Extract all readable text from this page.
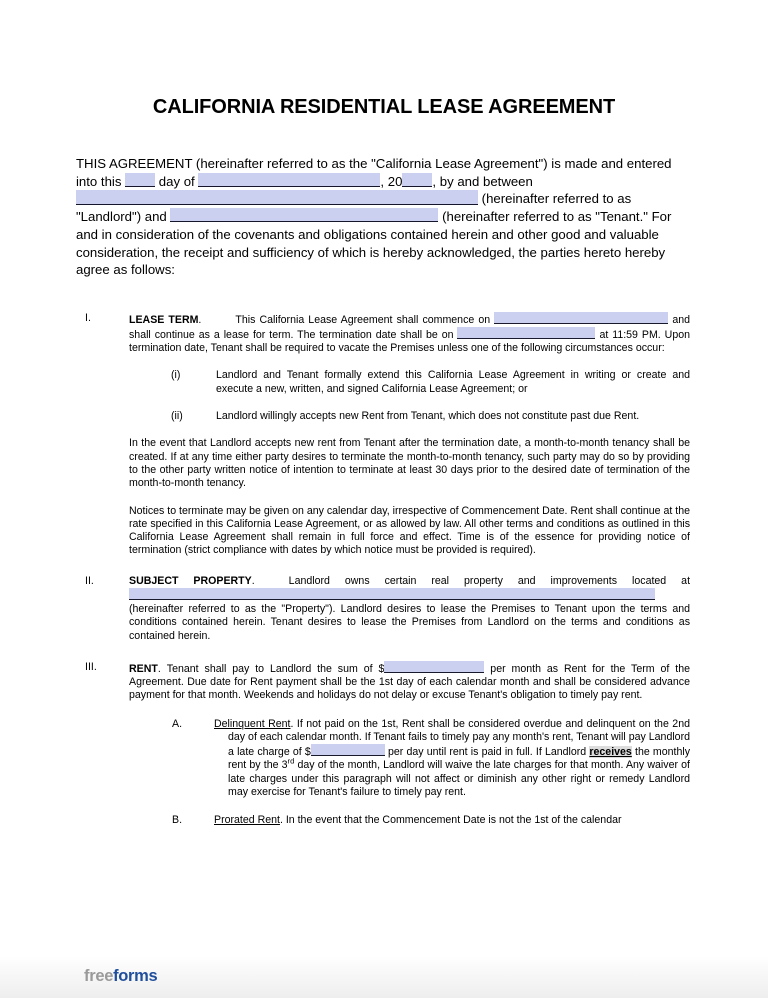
CALIFORNIA RESIDENTIAL LEASE AGREEMENT
THIS AGREEMENT (hereinafter referred to as the "California Lease Agreement") is made and entered into this	day of	, 20 , by and between  (hereinafter referred to as "Landlord") and	(hereinafter referred to as "Tenant." For and in consideration of the covenants and obligations contained herein and other good and valuable consideration, the receipt and sufficiency of which is hereby acknowledged, the parties hereto hereby agree as follows:
I.	LEASE TERM.	This California Lease Agreement shall commence on	and shall continue as a lease for term. The termination date shall be on	at 11:59 PM. Upon termination date, Tenant shall be required to vacate the Premises unless one of the following circumstances occur:
(i)	Landlord and Tenant formally extend this California Lease Agreement in writing or create and execute a new, written, and signed California Lease Agreement; or
(ii)	Landlord willingly accepts new Rent from Tenant, which does not constitute past due Rent.
In the event that Landlord accepts new rent from Tenant after the termination date, a month-to-month tenancy shall be created. If at any time either party desires to terminate the month-to-month tenancy, such party may do so by providing to the other party written notice of intention to terminate at least 30 days prior to the desired date of termination of the month-to-month tenancy.
Notices to terminate may be given on any calendar day, irrespective of Commencement Date. Rent shall continue at the rate specified in this California Lease Agreement, or as allowed by law. All other terms and conditions as outlined in this California Lease Agreement shall remain in full force and effect. Time is of the essence for providing notice of termination (strict compliance with dates by which notice must be provided is required).
II.	SUBJECT PROPERTY.	Landlord owns certain real property and improvements located at (hereinafter referred to as the "Property"). Landlord desires to lease the Premises to Tenant upon the terms and conditions contained herein. Tenant desires to lease the Premises from Landlord on the terms and conditions as contained herein.
III.	RENT. Tenant shall pay to Landlord the sum of $	per month as Rent for the Term of the Agreement. Due date for Rent payment shall be the 1st day of each calendar month and shall be considered advance payment for that month. Weekends and holidays do not delay or excuse Tenant's obligation to timely pay rent.
A.	Delinquent Rent. If not paid on the 1st, Rent shall be considered overdue and delinquent on the 2nd day of each calendar month. If Tenant fails to timely pay any month's rent, Tenant will pay Landlord a late charge of $	per day until rent is paid in full. If Landlord receives the monthly rent by the 3rd day of the month, Landlord will waive the late charges for that month. Any waiver of late charges under this paragraph will not affect or diminish any other right or remedy Landlord may exercise for Tenant's failure to timely pay rent.
B.	Prorated Rent. In the event that the Commencement Date is not the 1st of the calendar
freeforms
